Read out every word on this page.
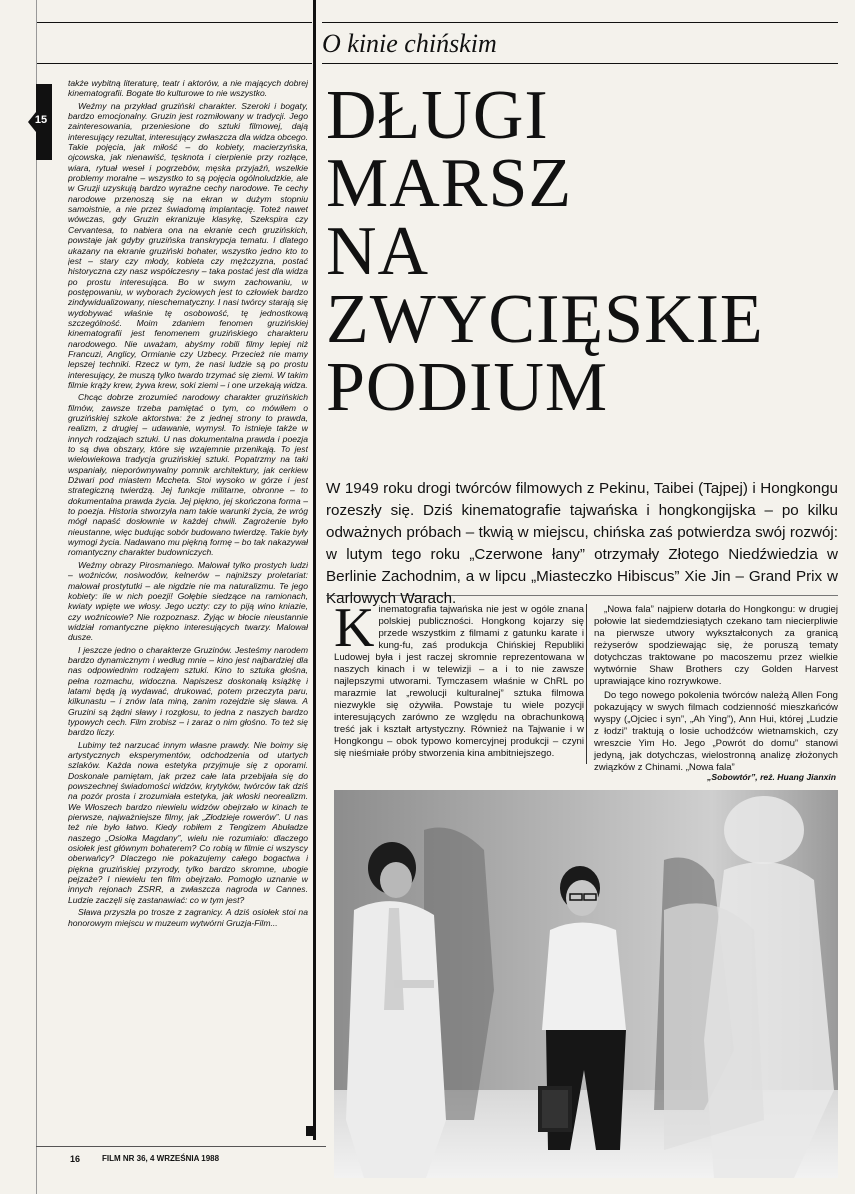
15

także wybitną literaturę, teatr i aktorów, a nie mających dobrej kinematografii. Bogate tło kulturowe to nie wszystko.

Weźmy na przykład gruziński charakter. Szeroki i bogaty, bardzo emocjonalny. Gruzin jest rozmiłowany w tradycji. Jego zainteresowania, przeniesione do sztuki filmowej, dają interesujący rezultat, interesujący zwłaszcza dla widza obcego. Takie pojęcia, jak miłość – do kobiety, macierzyńska, ojcowska, jak nienawiść, tęsknota i cierpienie przy rozłące, wiara, rytuał weseł i pogrzebów, męska przyjaźń, wszelkie problemy moralne – wszystko to są pojęcia ogólnoludzkie, ale w Gruzji uzyskują bardzo wyraźne cechy narodowe. Te cechy narodowe przenoszą się na ekran w dużym stopniu samoistnie, a nie przez świadomą implantację. Toteż nawet wówczas, gdy Gruzin ekranizuje klasykę, Szekspira czy Cervantesa, to nabiera ona na ekranie cech gruzińskich, powstaje jak gdyby gruzińska transkrypcja tematu. I dlatego ukazany na ekranie gruziński bohater, wszystko jedno kto to jest – stary czy młody, kobieta czy mężczyzna, postać historyczna czy nasz współczesny – taka postać jest dla widza po prostu interesująca. Bo w swym zachowaniu, w postępowaniu, w wyborach życiowych jest to człowiek bardzo zindywidualizowany, nieschematyczny. I nasi twórcy starają się wydobywać właśnie tę osobowość, tę jednostkową szczególność. Moim zdaniem fenomen gruzińskiej kinematografii jest fenomenem gruzińskiego charakteru narodowego. Nie uważam, abyśmy robili filmy lepiej niż Francuzi, Anglicy, Ormianie czy Uzbecy. Przecież nie mamy lepszej techniki. Rzecz w tym, że nasi ludzie są po prostu interesujący, że muszą tylko twardo trzymać się ziemi. W takim filmie krąży krew, żywa krew, soki ziemi – i one urzekają widza.

Chcąc dobrze zrozumieć narodowy charakter gruzińskich filmów, zawsze trzeba pamiętać o tym, co mówiłem o gruzińskiej szkole aktorstwa: że z jednej strony to prawda, realizm, z drugiej – udawanie, wymysł. To istnieje także w innych rodzajach sztuki. U nas dokumentalna prawda i poezja to są dwa obszary, które się wzajemnie przenikają. To jest wielowiekowa tradycja gruzińskiej sztuki. Popatrzmy na taki wspaniały, nieporównywalny pomnik architektury, jak cerkiew Dżwari pod miastem Mccheta. Stoi wysoko w górze i jest strategiczną twierdzą. Jej funkcje militarne, obronne – to dokumentalna prawda życia. Jej piękno, jej skończona forma – to poezja. Historia stworzyła nam takie warunki życia, że wróg mógł napaść dosłownie w każdej chwili. Zagrożenie było nieustanne, więc budując sobór budowano twierdzę. Takie były wymogi życia. Nadawano mu piękną formę – bo tak nakazywał romantyczny charakter budowniczych.

Weźmy obrazy Pirosmaniego. Malował tylko prostych ludzi – woźniców, nosiwodów, kelnerów – najniższy proletariat: malował prostytutki – ale nigdzie nie ma naturalizmu. Te jego kobiety: ile w nich poezji! Gołębie siedzące na ramionach, kwiaty wpięte we włosy. Jego uczty: czy to piją wino kniazie, czy woźnicowie? Nie rozpoznasz. Żyjąc w błocie nieustannie widział romantyczne piękno interesujących twarzy. Malował dusze.

I jeszcze jedno o charakterze Gruzinów. Jesteśmy narodem bardzo dynamicznym i według mnie – kino jest najbardziej dla nas odpowiednim rodzajem sztuki. Kino to sztuka głośna, pełna rozmachu, widoczna. Napiszesz doskonałą książkę i latami będą ją wydawać, drukować, potem przeczyta paru, kilkunastu – i znów lata miną, zanim rozejdzie się sława. A Gruzini są żądni sławy i rozgłosu, to jedna z naszych bardzo typowych cech. Film zrobisz – i zaraz o nim głośno. To też się bardzo liczy.

Lubimy też narzucać innym własne prawdy. Nie boimy się artystycznych eksperymentów, odchodzenia od utartych szlaków. Każda nowa estetyka przyjmuje się z oporami. Doskonale pamiętam, jak przez całe lata przebijała się do powszechnej świadomości widzów, krytyków, twórców tak dziś na pozór prosta i zrozumiała estetyka, jak włoski neorealizm. We Włoszech bardzo niewielu widzów obejrzało w kinach te pierwsze, najważniejsze filmy, jak „Złodzieje rowerów”. U nas też nie było łatwo. Kiedy robiłem z Tengizem Abuładze naszego „Osiołka Magdany”, wielu nie rozumiało: dlaczego osiołek jest głównym bohaterem? Co robią w filmie ci wszyscy oberwańcy? Dlaczego nie pokazujemy całego bogactwa i piękna gruzińskiej przyrody, tylko bardzo skromne, ubogie pejzaże? I niewielu ten film obejrzało. Pomogło uznanie w innych rejonach ZSRR, a zwłaszcza nagroda w Cannes. Ludzie zaczęli się zastanawiać: co w tym jest?

Sława przyszła po trosze z zagranicy. A dziś osiołek stoi na honorowym miejscu w muzeum wytwórni Gruzja-Film...

O kinie chińskim
DŁUGI
MARSZ
NA
ZWYCIĘSKIE
PODIUM
W 1949 roku drogi twórców filmowych z Pekinu, Taibei (Tajpej) i Hongkongu rozeszły się. Dziś kinematografie tajwańska i hongkongijska – po kilku odważnych próbach – tkwią w miejscu, chińska zaś potwierdza swój rozwój: w lutym tego roku „Czerwone łany” otrzymały Złotego Niedźwiedzia w Berlinie Zachodnim, a w lipcu „Miasteczko Hibiscus” Xie Jin – Grand Prix w Karlowych Warach.

Kinematografia tajwańska nie jest w ogóle znana polskiej publiczności. Hongkong kojarzy się przede wszystkim z filmami z gatunku karate i kung-fu, zaś produkcja Chińskiej Republiki Ludowej była i jest raczej skromnie reprezentowana w naszych kinach i w telewizji – a i to nie zawsze najlepszymi utworami. Tymczasem właśnie w ChRL po marazmie lat „rewolucji kulturalnej” sztuka filmowa niezwykle się ożywiła. Powstaje tu wiele pozycji interesujących zarówno ze względu na obrachunkową treść jak i kształt artystyczny. Również na Tajwanie i w Hongkongu – obok typowo komercyjnej produkcji – czyni się nieśmiałe próby stworzenia kina ambitniejszego.

„Nowa fala” najpierw dotarła do Hongkongu: w drugiej połowie lat siedemdziesiątych czekano tam niecierpliwie na pierwsze utwory wykształconych za granicą reżyserów spodziewając się, że poruszą tematy dotychczas traktowane po macoszemu przez wielkie wytwórnie Shaw Brothers czy Golden Harvest uprawiające kino rozrywkowe.

Do tego nowego pokolenia twórców należą Allen Fong pokazujący w swych filmach codzienność mieszkańców wyspy („Ojciec i syn”, „Ah Ying”), Ann Hui, której „Ludzie z łodzi” traktują o losie uchodźców wietnamskich, czy wreszcie Yim Ho. Jego „Powrót do domu” stanowi jedyną, jak dotychczas, wielostronną analizę złożonych związków z Chinami. „Nowa fala”

„Sobowtór”, reż. Huang Jianxin
16	FILM NR 36, 4 WRZEŚNIA 1988
